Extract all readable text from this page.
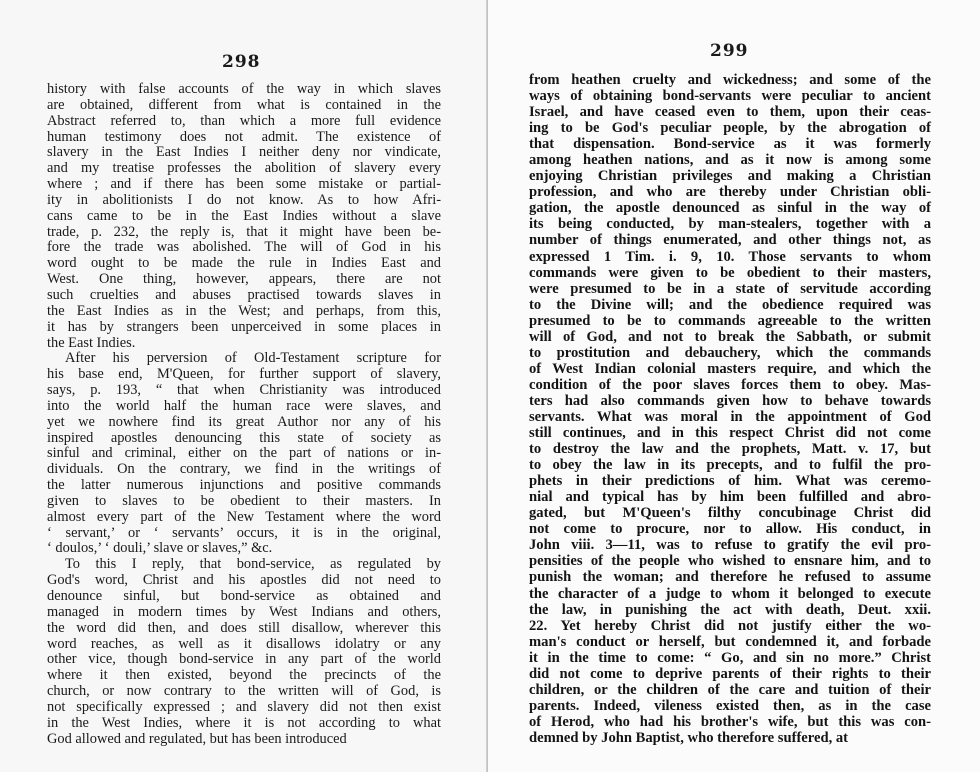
298
history with false accounts of the way in which slaves
are obtained, different from what is contained in the
Abstract referred to, than which a more full evidence
human testimony does not admit. The existence of
slavery in the East Indies I neither deny nor vindicate,
and my treatise professes the abolition of slavery every
where ; and if there has been some mistake or partial-
ity in abolitionists I do not know. As to how Afri-
cans came to be in the East Indies without a slave
trade, p. 232, the reply is, that it might have been be-
fore the trade was abolished. The will of God in his
word ought to be made the rule in Indies East and
West. One thing, however, appears, there are not
such cruelties and abuses practised towards slaves in
the East Indies as in the West; and perhaps, from this,
it has by strangers been unperceived in some places in
the East Indies.
After his perversion of Old-Testament scripture for
his base end, M'Queen, for further support of slavery,
says, p. 193, “ that when Christianity was introduced
into the world half the human race were slaves, and
yet we nowhere find its great Author nor any of his
inspired apostles denouncing this state of society as
sinful and criminal, either on the part of nations or in-
dividuals. On the contrary, we find in the writings of
the latter numerous injunctions and positive commands
given to slaves to be obedient to their masters. In
almost every part of the New Testament where the word
‘ servant,’ or ‘ servants’ occurs, it is in the original,
‘ doulos,’ ‘ douli,’ slave or slaves,” &c.
To this I reply, that bond-service, as regulated by
God's word, Christ and his apostles did not need to
denounce sinful, but bond-service as obtained and
managed in modern times by West Indians and others,
the word did then, and does still disallow, wherever this
word reaches, as well as it disallows idolatry or any
other vice, though bond-service in any part of the world
where it then existed, beyond the precincts of the
church, or now contrary to the written will of God, is
not specifically expressed ; and slavery did not then exist
in the West Indies, where it is not according to what
God allowed and regulated, but has been introduced
299
from heathen cruelty and wickedness; and some of the
ways of obtaining bond-servants were peculiar to ancient
Israel, and have ceased even to them, upon their ceas-
ing to be God's peculiar people, by the abrogation of
that dispensation. Bond-service as it was formerly
among heathen nations, and as it now is among some
enjoying Christian privileges and making a Christian
profession, and who are thereby under Christian obli-
gation, the apostle denounced as sinful in the way of
its being conducted, by man-stealers, together with a
number of things enumerated, and other things not, as
expressed 1 Tim. i. 9, 10. Those servants to whom
commands were given to be obedient to their masters,
were presumed to be in a state of servitude according
to the Divine will; and the obedience required was
presumed to be to commands agreeable to the written
will of God, and not to break the Sabbath, or submit
to prostitution and debauchery, which the commands
of West Indian colonial masters require, and which the
condition of the poor slaves forces them to obey. Mas-
ters had also commands given how to behave towards
servants. What was moral in the appointment of God
still continues, and in this respect Christ did not come
to destroy the law and the prophets, Matt. v. 17, but
to obey the law in its precepts, and to fulfil the pro-
phets in their predictions of him. What was ceremo-
nial and typical has by him been fulfilled and abro-
gated, but M'Queen's filthy concubinage Christ did
not come to procure, nor to allow. His conduct, in
John viii. 3—11, was to refuse to gratify the evil pro-
pensities of the people who wished to ensnare him, and to
punish the woman; and therefore he refused to assume
the character of a judge to whom it belonged to execute
the law, in punishing the act with death, Deut. xxii.
22. Yet hereby Christ did not justify either the wo-
man's conduct or herself, but condemned it, and forbade
it in the time to come: “ Go, and sin no more.” Christ
did not come to deprive parents of their rights to their
children, or the children of the care and tuition of their
parents. Indeed, vileness existed then, as in the case
of Herod, who had his brother's wife, but this was con-
demned by John Baptist, who therefore suffered, at
